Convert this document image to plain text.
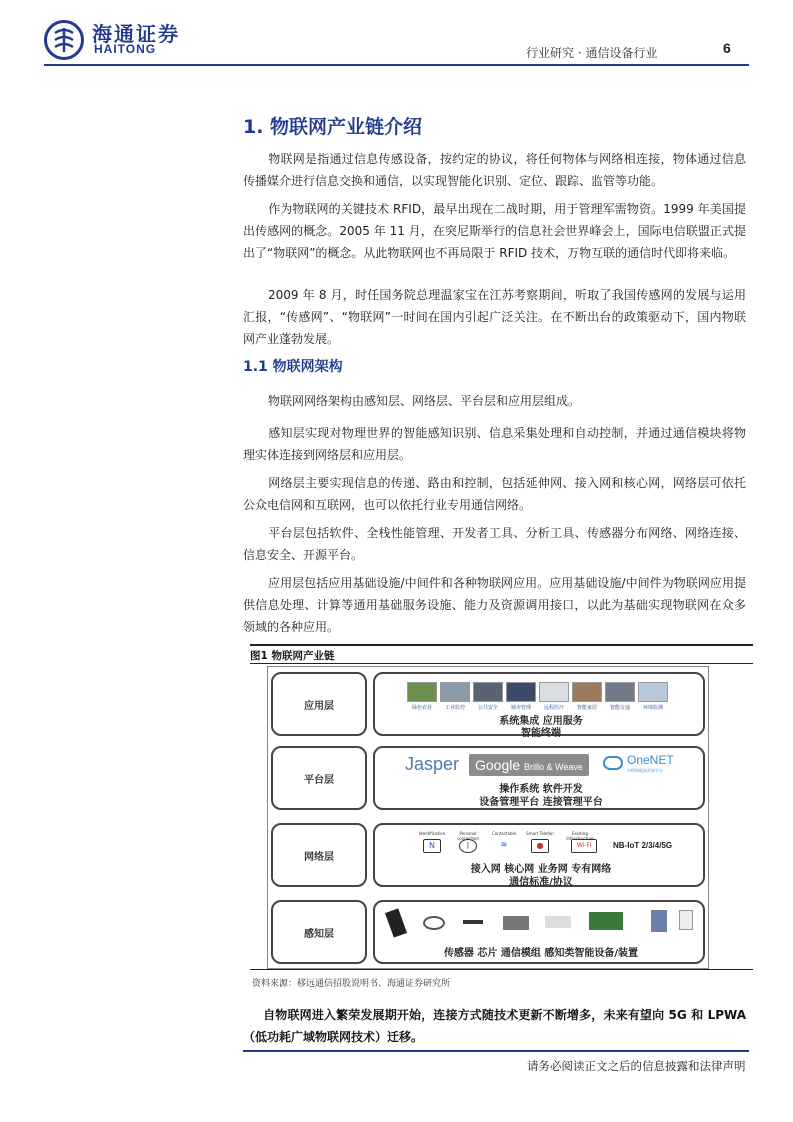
海通证券
HAITONG	行业研究 · 通信设备行业	6
1. 物联网产业链介绍
物联网是指通过信息传感设备，按约定的协议，将任何物体与网络相连接，物体通过信息传播媒介进行信息交换和通信，以实现智能化识别、定位、跟踪、监管等功能。
作为物联网的关键技术 RFID，最早出现在二战时期，用于管理军需物资。1999 年美国提出传感网的概念。2005 年 11 月，在突尼斯举行的信息社会世界峰会上，国际电信联盟正式提出了“物联网”的概念。从此物联网也不再局限于 RFID 技术，万物互联的通信时代即将来临。
2009 年 8 月，时任国务院总理温家宝在江苏考察期间，听取了我国传感网的发展与运用汇报，“传感网”、“物联网”一时间在国内引起广泛关注。在不断出台的政策驱动下，国内物联网产业蓬勃发展。
1.1 物联网架构
物联网网络架构由感知层、网络层、平台层和应用层组成。
感知层实现对物理世界的智能感知识别、信息采集处理和自动控制，并通过通信模块将物理实体连接到网络层和应用层。
网络层主要实现信息的传递、路由和控制，包括延伸网、接入网和核心网，网络层可依托公众电信网和互联网，也可以依托行业专用通信网络。
平台层包括软件、全栈性能管理、开发者工具、分析工具、传感器分布网络、网络连接、信息安全、开源平台。
应用层包括应用基础设施/中间件和各种物联网应用。应用基础设施/中间件为物联网应用提供信息处理、计算等通用基础服务设施、能力及资源调用接口，以此为基础实现物联网在众多领域的各种应用。
图1 物联网产业链
应用层	绿色农业	工业监控	公共安全	城市管理	远程医疗	智能家居	智能交通	环境监测
系统集成 应用服务
智能终端
平台层
Jasper	Google Brillo & Weave	OneNET
中移物联网开放平台
操作系统 软件开发
设备管理平台 连接管理平台
网络层
Identification
N
Personal connection
ᛒ
Contactable
≋
Smart Telefon
●
Existing Infrastructure
Wi-Fi	NB-IoT 2/3/4/5G
接入网 核心网 业务网 专有网络
通信标准/协议
感知层
传感器 芯片 通信模组 感知类智能设备/装置
资料来源：移远通信招股说明书、海通证券研究所
自物联网进入繁荣发展期开始，连接方式随技术更新不断增多，未来有望向 5G 和 LPWA（低功耗广域物联网技术）迁移。
请务必阅读正文之后的信息披露和法律声明
